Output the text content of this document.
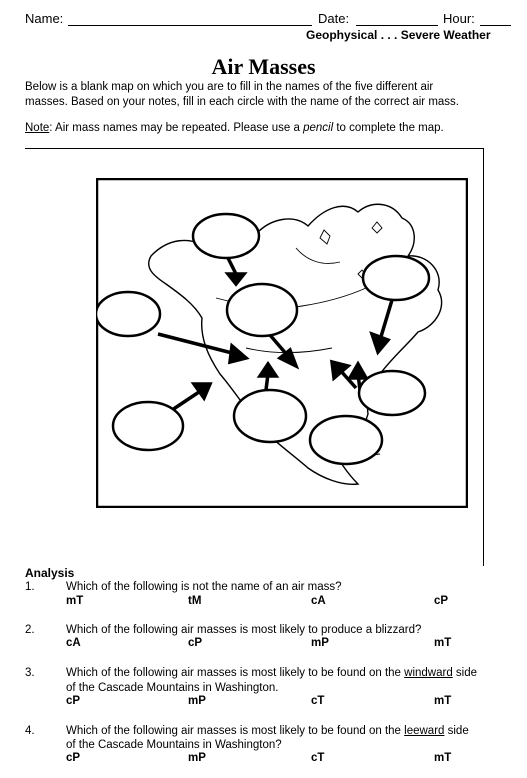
Name:	Date:	Hour:
Geophysical . . . Severe Weather
Air Masses
Below is a blank map on which you are to fill in the names of the five different air
masses. Based on your notes, fill in each circle with the name of the correct air mass.
Note: Air mass names may be repeated. Please use a pencil to complete the map.
Analysis
1.	Which of the following is not the name of an air mass?
mT	tM	cA	cP
2.	Which of the following air masses is most likely to produce a blizzard?
cA	cP	mP	mT
3.	Which of the following air masses is most likely to be found on the windward side
of the Cascade Mountains in Washington.
cP	mP	cT	mT
4.	Which of the following air masses is most likely to be found on the leeward side
of the Cascade Mountains in Washington?
cP	mP	cT	mT
